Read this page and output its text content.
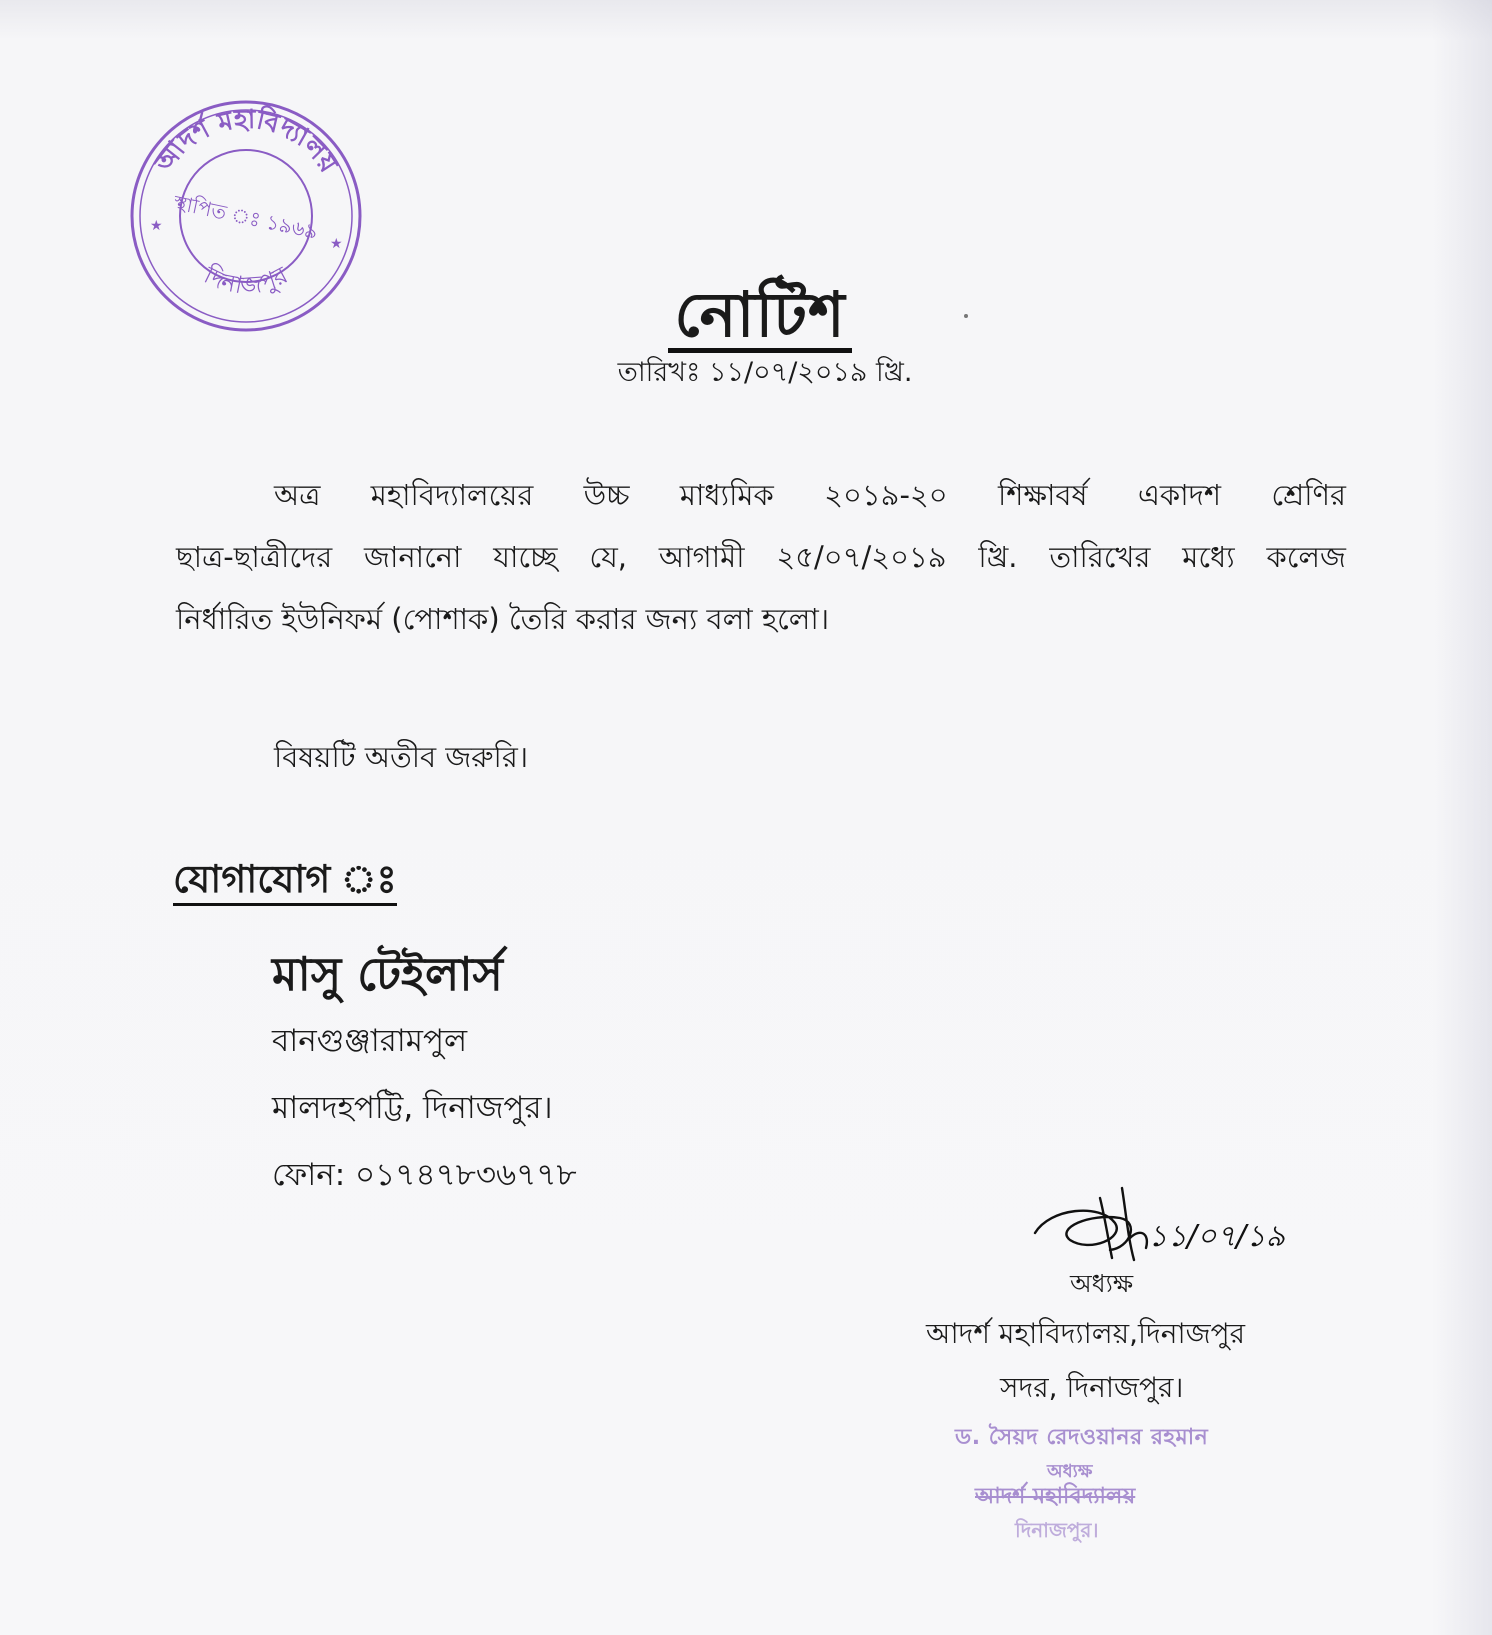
আদর্শ মহাবিদ্যালয়
দিনাজপুর
স্থাপিত ঃ ১৯৬৯
★
★
নোটিশ
তারিখঃ ১১/০৭/২০১৯ খ্রি.
অত্র মহাবিদ্যালয়ের উচ্চ মাধ্যমিক ২০১৯-২০ শিক্ষাবর্ষ একাদশ শ্রেণির
ছাত্র-ছাত্রীদের জানানো যাচ্ছে যে, আগামী ২৫/০৭/২০১৯ খ্রি. তারিখের মধ্যে কলেজ
নির্ধারিত ইউনিফর্ম (পোশাক) তৈরি করার জন্য বলা হলো।
বিষয়টি অতীব জরুরি।
যোগাযোগ ঃ
মাসু টেইলার্স
বানগুঞ্জারামপুল
মালদহপট্টি, দিনাজপুর।
ফোন: ০১৭৪৭৮৩৬৭৭৮
১১/০৭/১৯
অধ্যক্ষ
আদর্শ মহাবিদ্যালয়,দিনাজপুর
সদর, দিনাজপুর।
ড. সৈয়দ রেদওয়ানর রহমান
অধ্যক্ষ
আদর্শ মহাবিদ্যালয়
দিনাজপুর।
